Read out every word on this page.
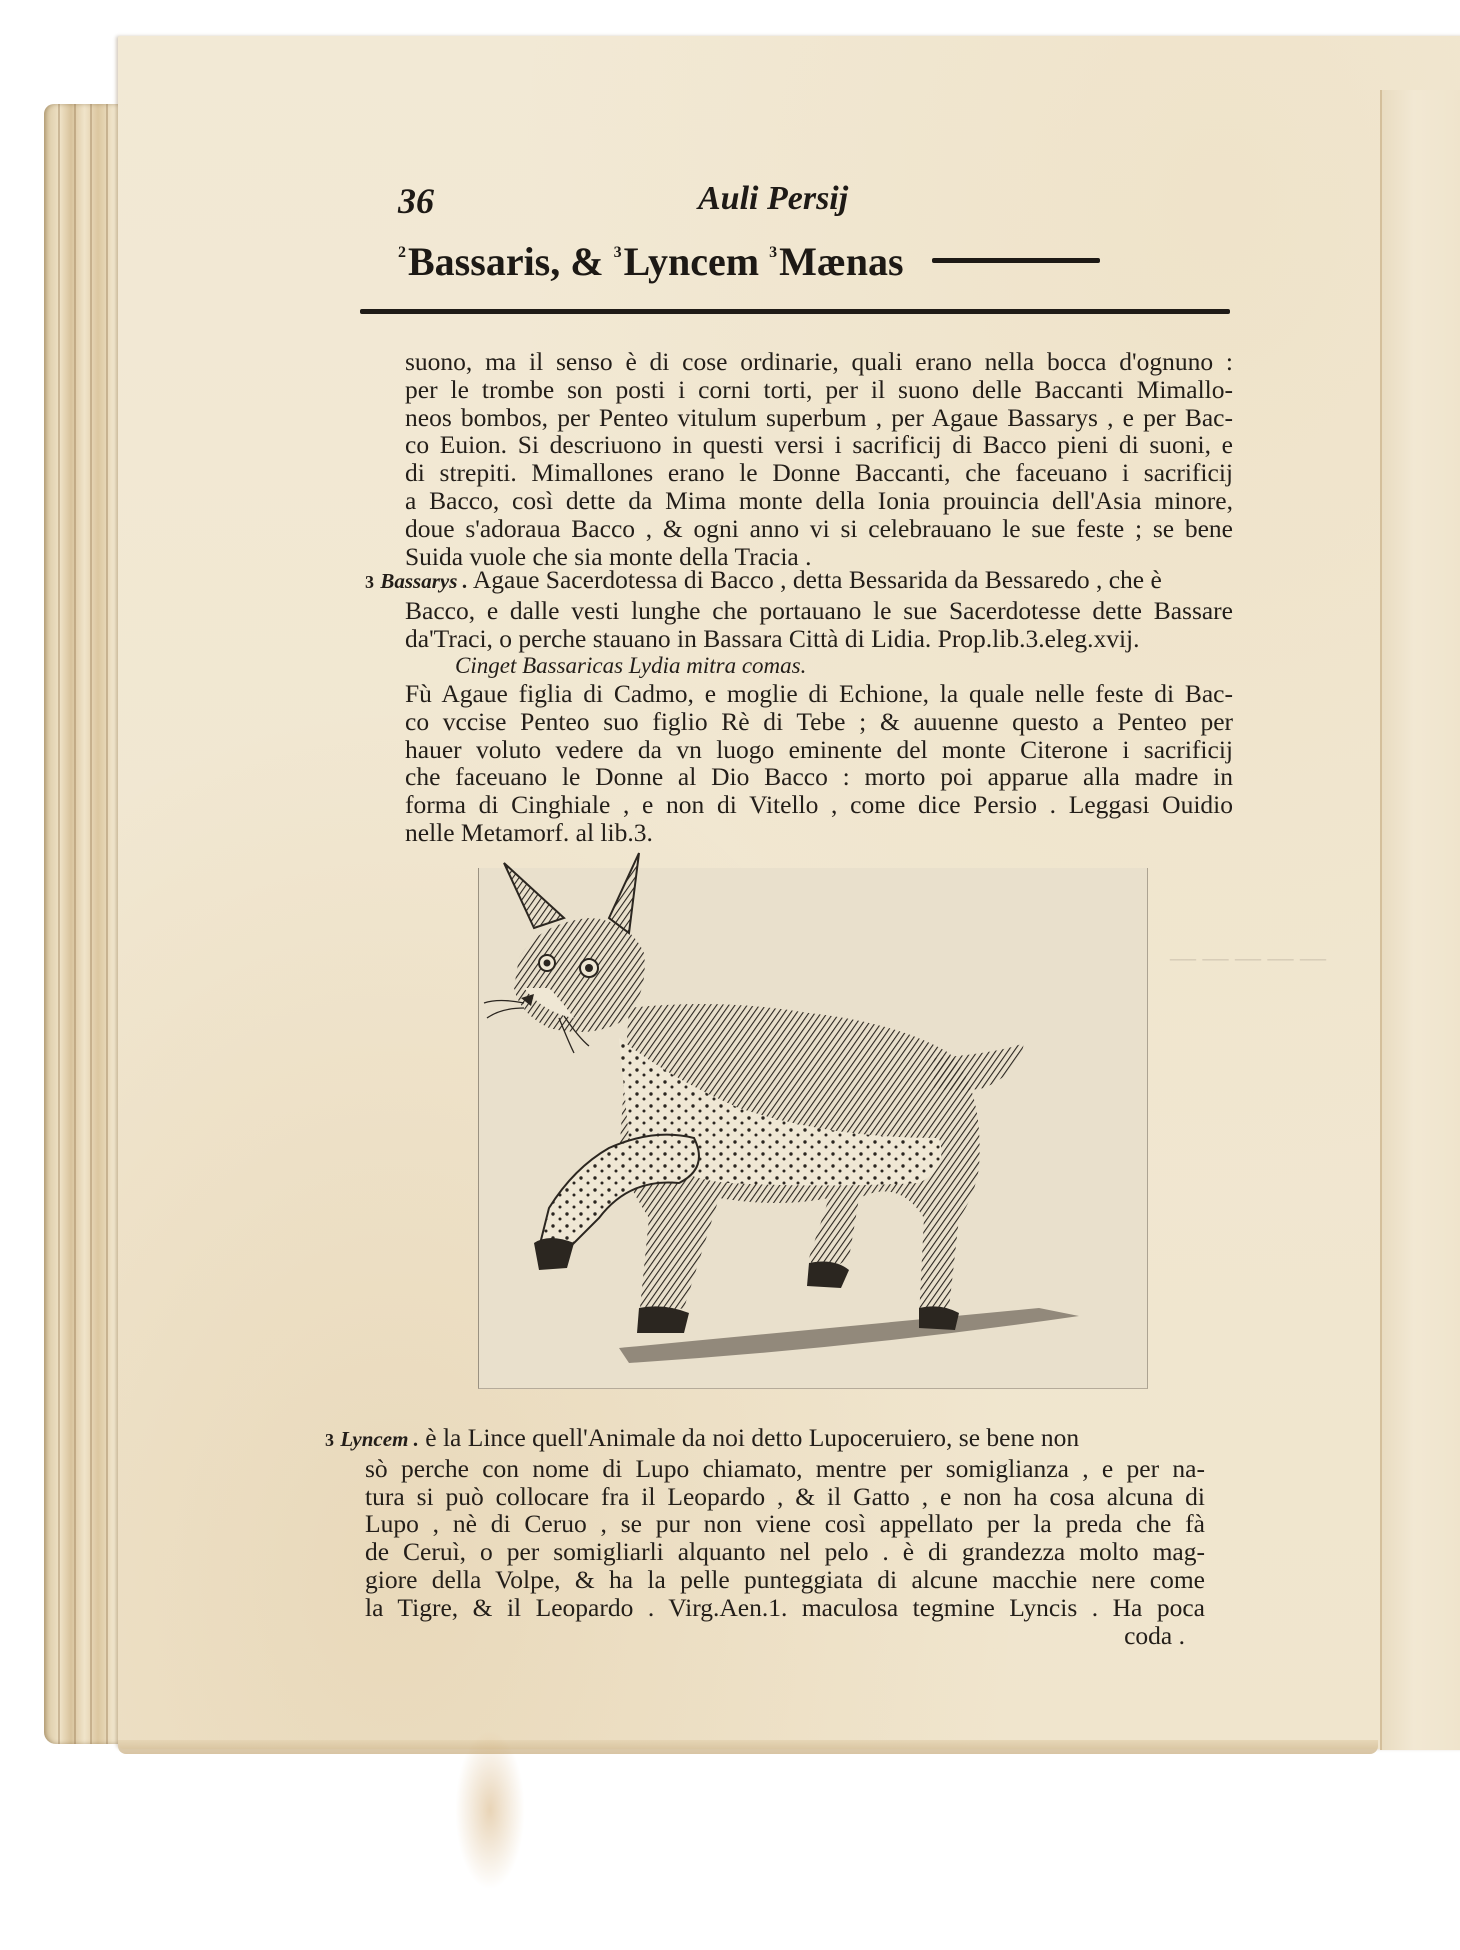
— — — — —
36	Auli Persij
$^2$Bassaris, & $^3$Lyncem $^3$Mænas
suono, ma il senso è di cose ordinarie, quali erano nella bocca d'ognuno :
per le trombe son posti i corni torti, per il suono delle Baccanti Mimallo-
neos bombos, per Penteo vitulum superbum , per Agaue Bassarys , e per Bac-
co Euion. Si descriuono in questi versi i sacrificij di Bacco pieni di suoni, e
di strepiti. Mimallones erano le Donne Baccanti, che faceuano i sacrificij
a Bacco, così dette da Mima monte della Ionia prouincia dell'Asia minore,
doue s'adoraua Bacco , & ogni anno vi si celebrauano le sue feste ; se bene
Suida vuole che sia monte della Tracia .
3 Bassarys . Agaue Sacerdotessa di Bacco , detta Bessarida da Bessaredo , che è
Bacco, e dalle vesti lunghe che portauano le sue Sacerdotesse dette Bassare
da'Traci, o perche stauano in Bassara Città di Lidia. Prop.lib.3.eleg.xvij.
Cinget Bassaricas Lydia mitra comas.
Fù Agaue figlia di Cadmo, e moglie di Echione, la quale nelle feste di Bac-
co vccise Penteo suo figlio Rè di Tebe ; & auuenne questo a Penteo per
hauer voluto vedere da vn luogo eminente del monte Citerone i sacrificij
che faceuano le Donne al Dio Bacco : morto poi apparue alla madre in
forma di Cinghiale , e non di Vitello , come dice Persio . Leggasi Ouidio
nelle Metamorf. al lib.3.
3 Lyncem . è la Lince quell'Animale da noi detto Lupoceruiero, se bene non
sò perche con nome di Lupo chiamato, mentre per somiglianza , e per na-
tura si può collocare fra il Leopardo , & il Gatto , e non ha cosa alcuna di
Lupo , nè di Ceruo , se pur non viene così appellato per la preda che fà
de Ceruì, o per somigliarli alquanto nel pelo . è di grandezza molto mag-
giore della Volpe, & ha la pelle punteggiata di alcune macchie nere come
la Tigre, & il Leopardo . Virg.Aen.1. maculosa tegmine Lyncis . Ha poca
coda .
